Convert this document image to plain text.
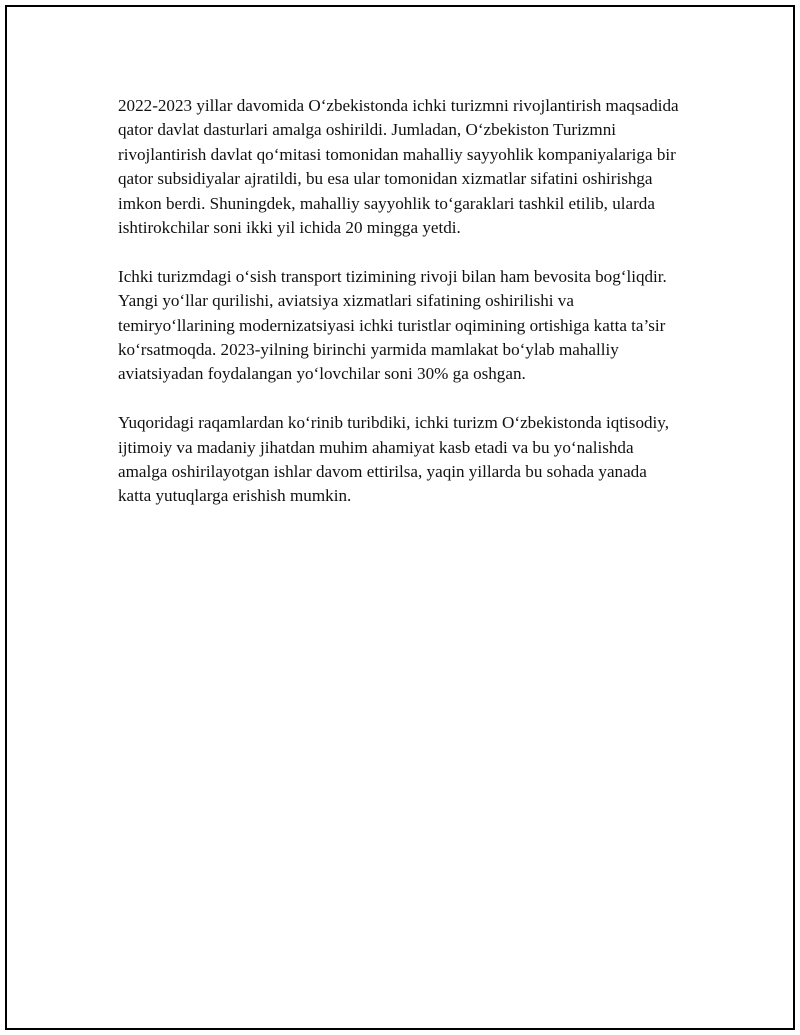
2022-2023 yillar davomida O‘zbekistonda ichki turizmni rivojlantirish maqsadida qator davlat dasturlari amalga oshirildi. Jumladan, O‘zbekiston Turizmni rivojlantirish davlat qo‘mitasi tomonidan mahalliy sayyohlik kompaniyalariga bir qator subsidiyalar ajratildi, bu esa ular tomonidan xizmatlar sifatini oshirishga imkon berdi. Shuningdek, mahalliy sayyohlik to‘garaklari tashkil etilib, ularda ishtirokchilar soni ikki yil ichida 20 mingga yetdi.

Ichki turizmdagi o‘sish transport tizimining rivoji bilan ham bevosita bog‘liqdir. Yangi yo‘llar qurilishi, aviatsiya xizmatlari sifatining oshirilishi va temiryo‘llarining modernizatsiyasi ichki turistlar oqimining ortishiga katta ta’sir ko‘rsatmoqda. 2023-yilning birinchi yarmida mamlakat bo‘ylab mahalliy aviatsiyadan foydalangan yo‘lovchilar soni 30% ga oshgan.

Yuqoridagi raqamlardan ko‘rinib turibdiki, ichki turizm O‘zbekistonda iqtisodiy, ijtimoiy va madaniy jihatdan muhim ahamiyat kasb etadi va bu yo‘nalishda amalga oshirilayotgan ishlar davom ettirilsa, yaqin yillarda bu sohada yanada katta yutuqlarga erishish mumkin.
